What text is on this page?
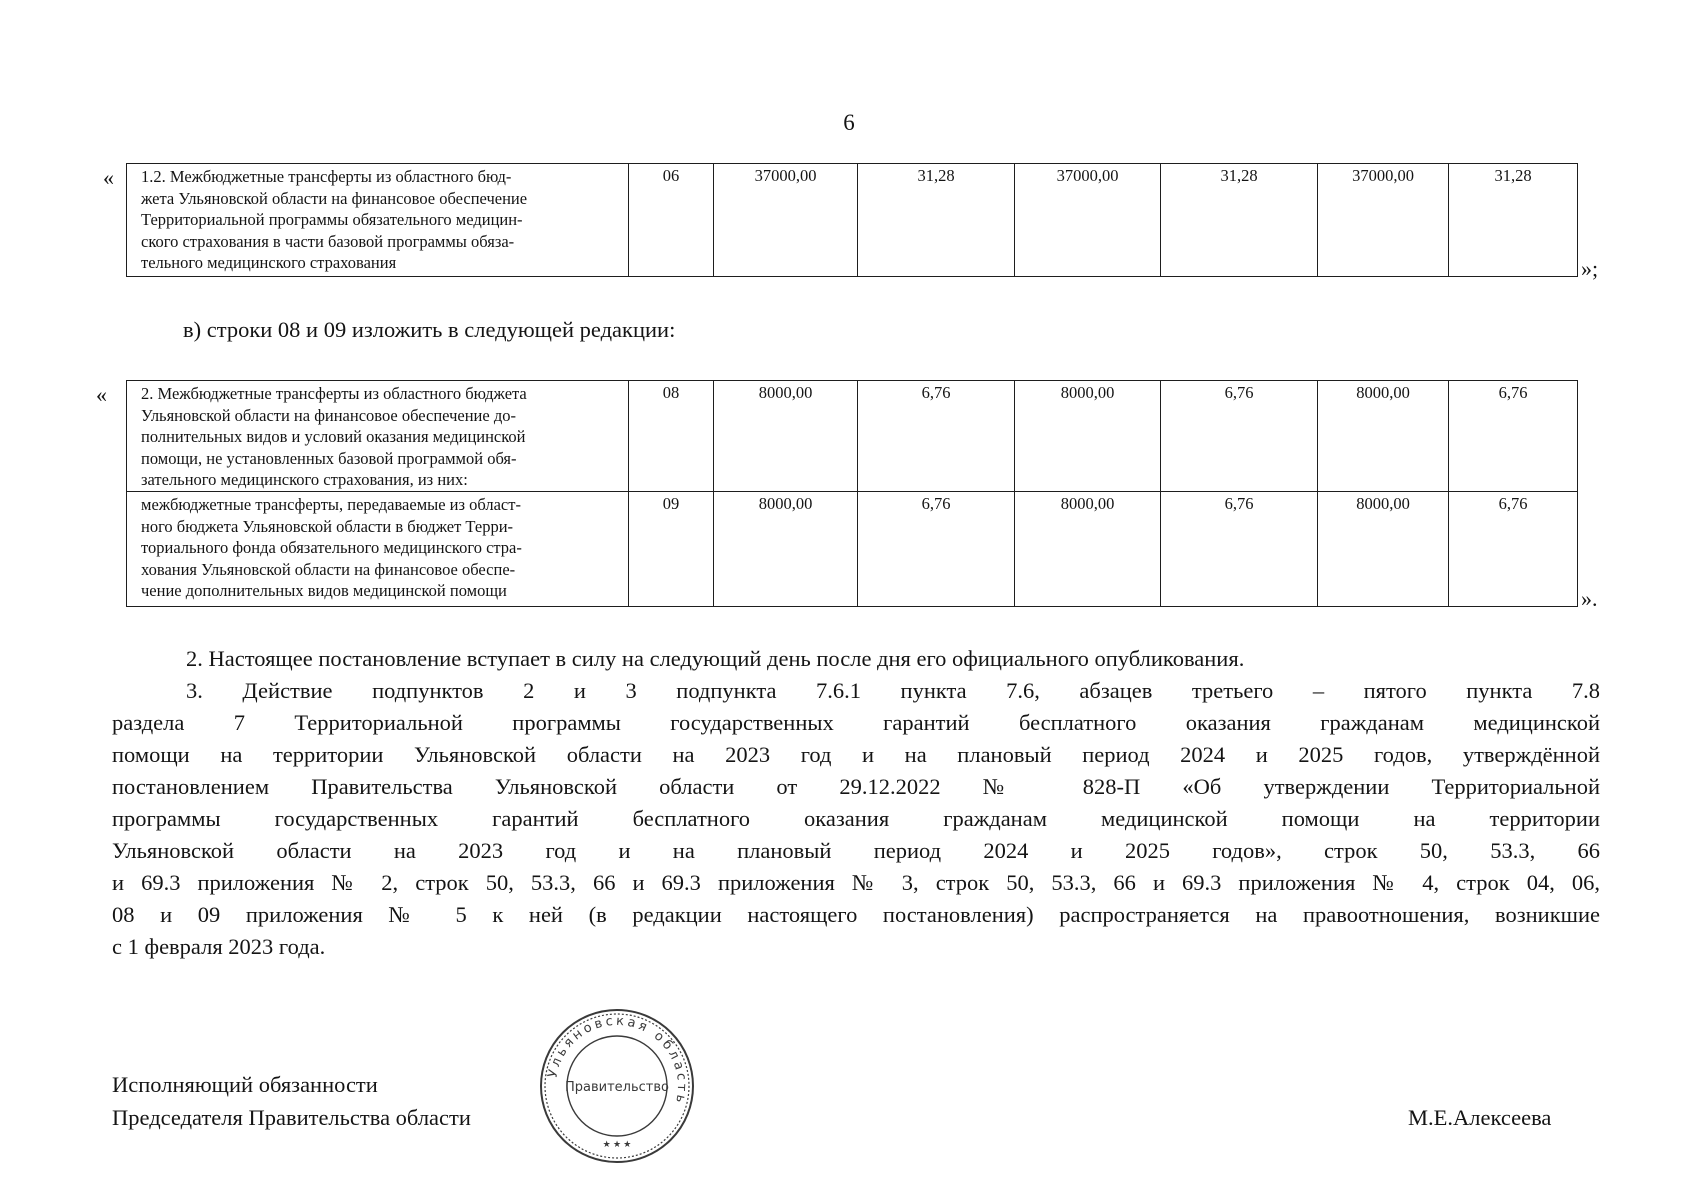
6
« 1.2. Межбюджетные трансферты из областного бюд-
жета Ульяновской области на финансовое обеспечение
Территориальной программы обязательного медицин-
ского страхования в части базовой программы обяза-
тельного медицинского страхования
	06	37000,00	31,28	37000,00	31,28	37000,00	31,28
»;
в) строки 08 и 09 изложить в следующей редакции:
« 2. Межбюджетные трансферты из областного бюджета
Ульяновской области на финансовое обеспечение до-
полнительных видов и условий оказания медицинской
помощи, не установленных базовой программой обя-
зательного медицинского страхования, из них:	08	8000,00	6,76	8000,00	6,76	8000,00	6,76

межбюджетные трансферты, передаваемые из област-
ного бюджета Ульяновской области в бюджет Терри-
ториального фонда обязательного медицинского стра-
хования Ульяновской области на финансовое обеспе-
чение дополнительных видов медицинской помощи	09	8000,00	6,76	8000,00	6,76	8000,00	6,76
».
2. Настоящее постановление вступает в силу на следующий день после дня его официального опубликования.
3. Действие подпунктов 2 и 3 подпункта 7.6.1 пункта 7.6, абзацев третьего – пятого пункта 7.8
раздела 7 Территориальной программы государственных гарантий бесплатного оказания гражданам медицинской
помощи на территории Ульяновской области на 2023 год и на плановый период 2024 и 2025 годов, утверждённой
постановлением Правительства Ульяновской области от 29.12.2022 № 828-П «Об утверждении Территориальной
программы государственных гарантий бесплатного оказания гражданам медицинской помощи на территории
Ульяновской области на 2023 год и на плановый период 2024 и 2025 годов», строк 50, 53.3, 66
и 69.3 приложения № 2, строк 50, 53.3, 66 и 69.3 приложения № 3, строк 50, 53.3, 66 и 69.3 приложения № 4, строк 04, 06,
08 и 09 приложения № 5 к ней (в редакции настоящего постановления) распространяется на правоотношения, возникшие
с 1 февраля 2023 года.
Исполняющий обязанности
Председателя Правительства области	М.Е.Алексеева
Ульяновская область
Правительство
★ ★ ★
